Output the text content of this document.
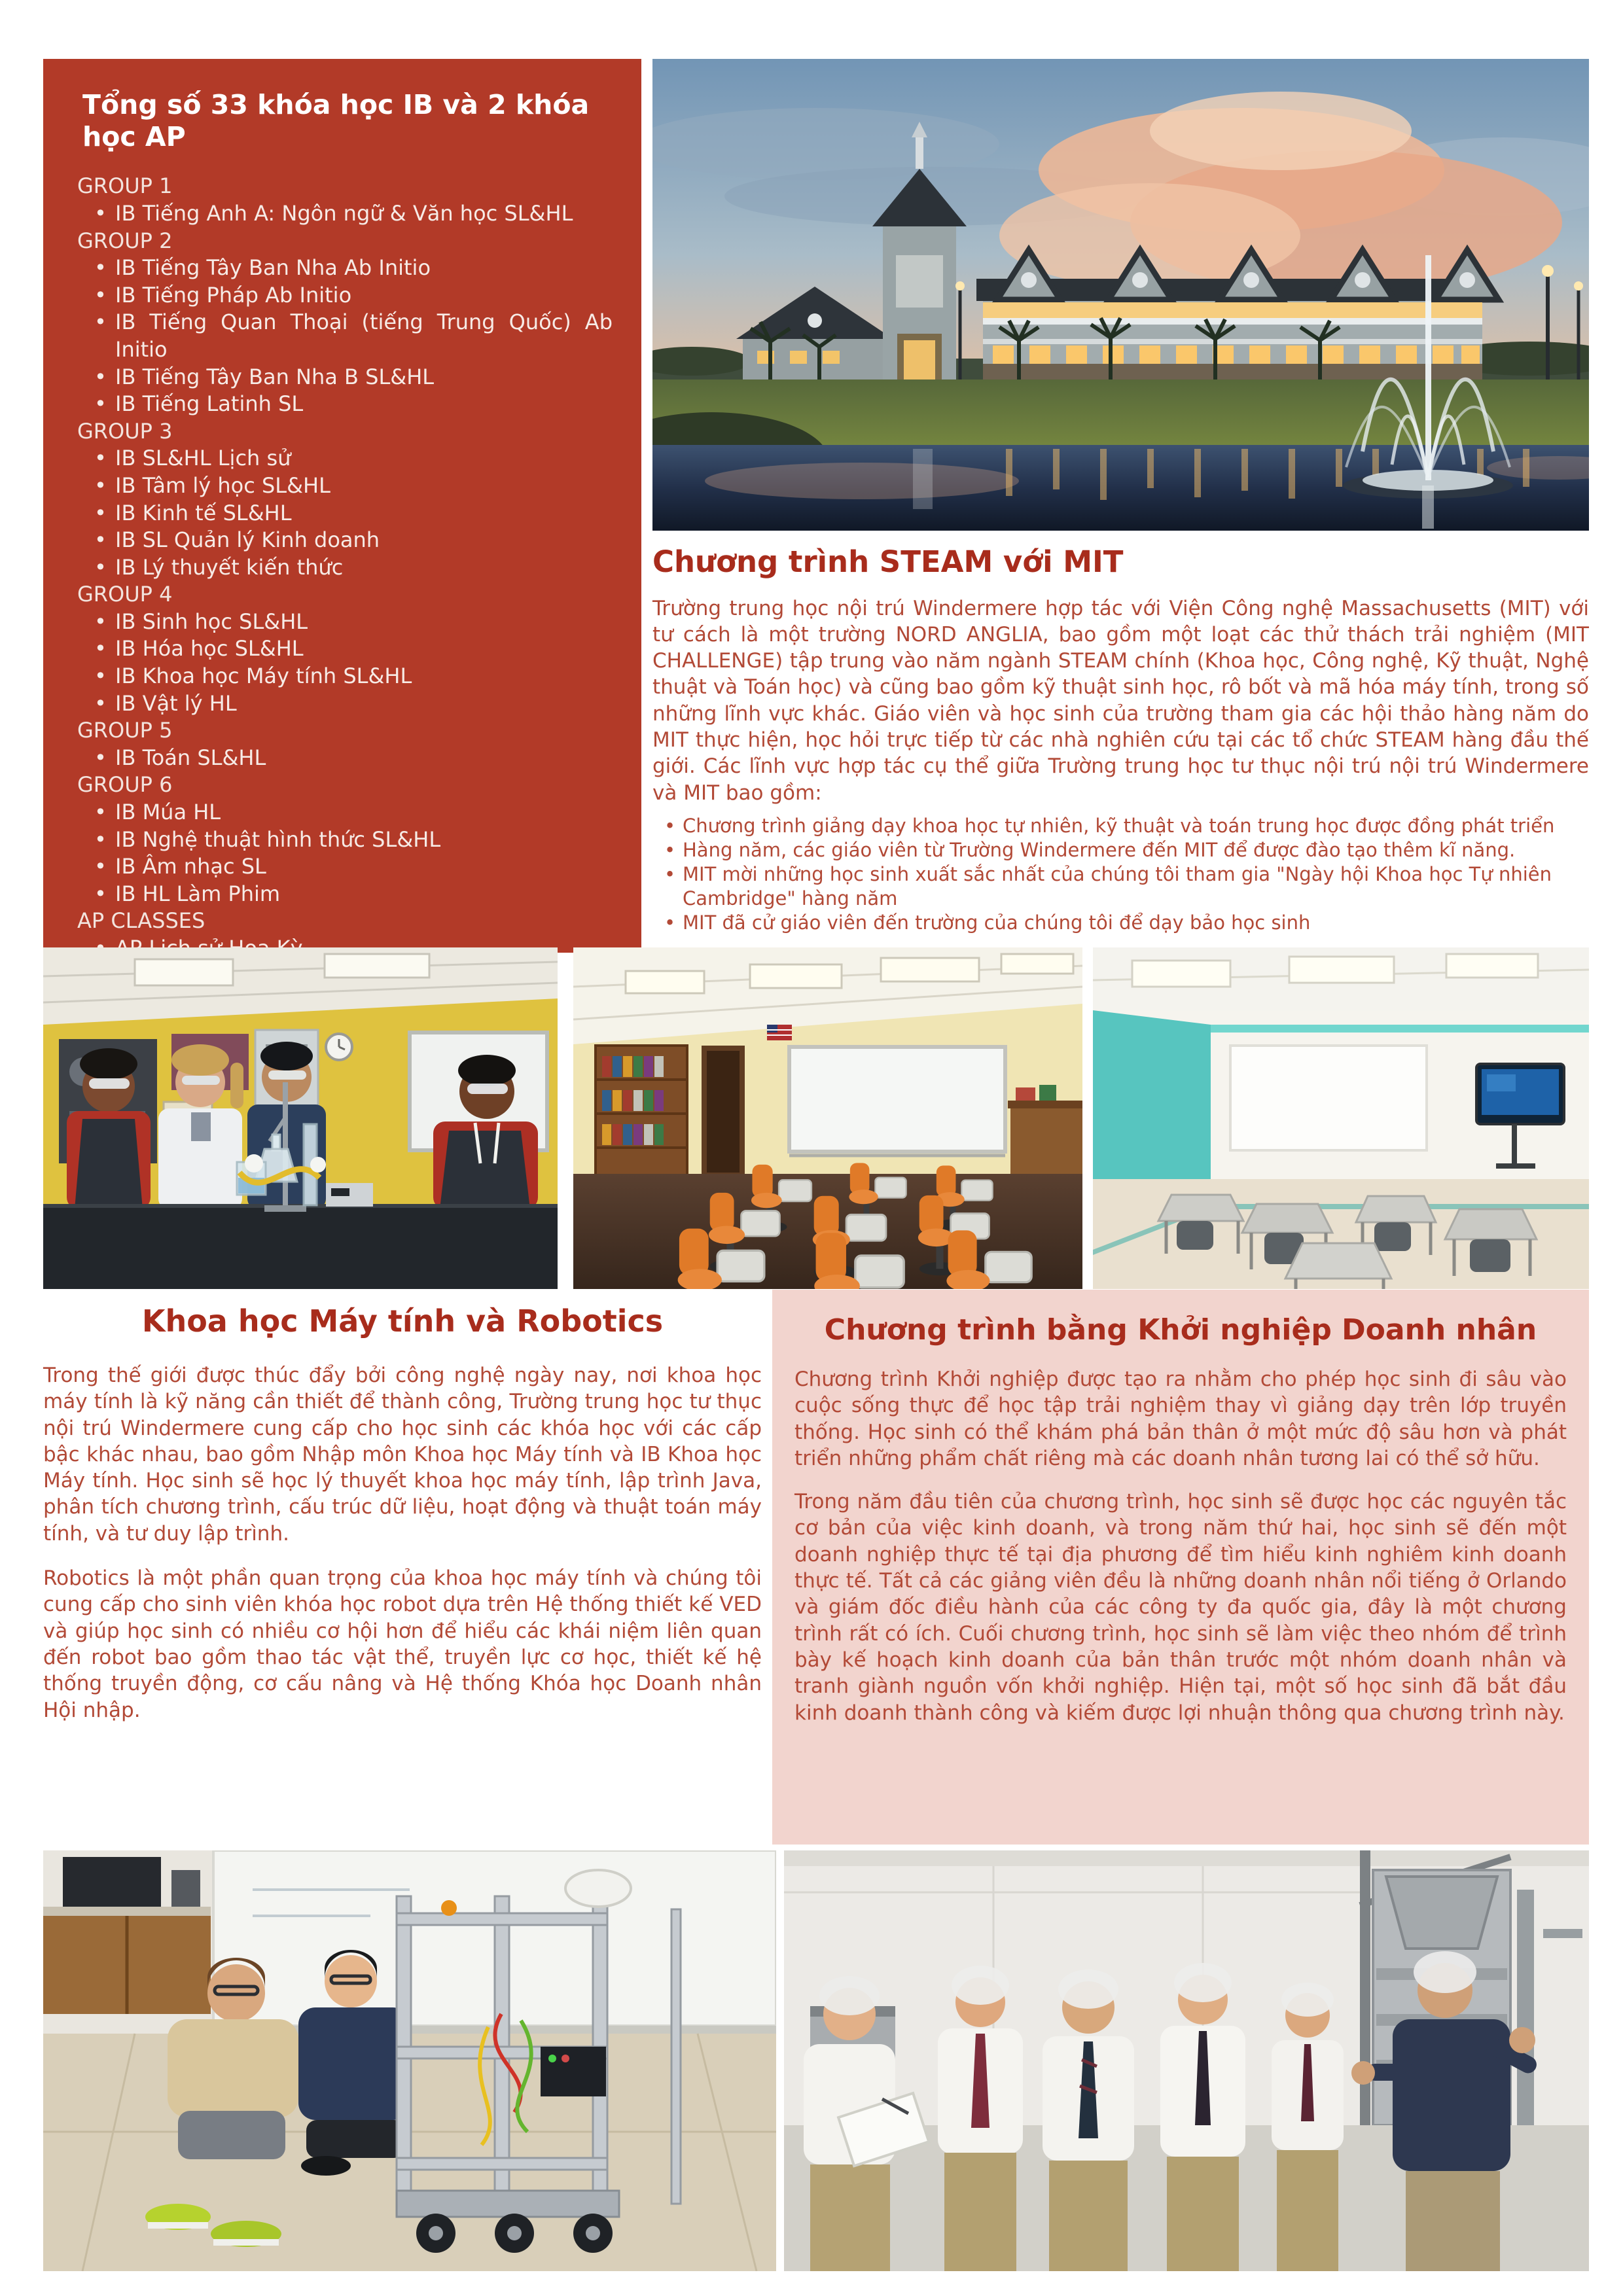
Tổng số 33 khóa học IB và 2 khóa học AP
GROUP 1
• IB Tiếng Anh A: Ngôn ngữ & Văn học SL&HL
GROUP 2
• IB Tiếng Tây Ban Nha Ab Initio
• IB Tiếng Pháp Ab Initio
• IB Tiếng Quan Thoại (tiếng Trung Quốc) Ab Initio
• IB Tiếng Tây Ban Nha B SL&HL
• IB Tiếng Latinh SL
GROUP 3
• IB SL&HL Lịch sử
• IB Tâm lý học SL&HL
• IB Kinh tế SL&HL
• IB SL Quản lý Kinh doanh
• IB Lý thuyết kiến thức
GROUP 4
• IB Sinh học SL&HL
• IB Hóa học SL&HL
• IB Khoa học Máy tính SL&HL
• IB Vật lý HL
GROUP 5
• IB Toán SL&HL
GROUP 6
• IB Múa HL
• IB Nghệ thuật hình thức SL&HL
• IB Âm nhạc SL
• IB HL Làm Phim
AP CLASSES
•
•
Chương trình STEAM với MIT

Trường trung học nội trú Windermere hợp tác với Viện Công nghệ Massachusetts (MIT) với tư cách là một trường NORD ANGLIA, bao gồm một loạt các thử thách trải nghiệm (MIT CHALLENGE) tập trung vào năm ngành STEAM chính (Khoa học, Công nghệ, Kỹ thuật, Nghệ thuật và Toán học) và cũng bao gồm kỹ thuật sinh học, rô bốt và mã hóa máy tính, trong số những lĩnh vực khác. Giáo viên và học sinh của trường tham gia các hội thảo hàng năm do MIT thực hiện, học hỏi trực tiếp từ các nhà nghiên cứu tại các tổ chức STEAM hàng đầu thế giới. Các lĩnh vực hợp tác cụ thể giữa Trường trung học tư thục nội trú nội trú Windermere và MIT bao gồm:

• Chương trình giảng dạy khoa học tự nhiên, kỹ thuật và toán trung học được đồng phát triển
• Hàng năm, các giáo viên từ Trường Windermere đến MIT để được đào tạo thêm kĩ năng.
• MIT mời những học sinh xuất sắc nhất của chúng tôi tham gia "Ngày hội Khoa học Tự nhiên Cambridge" hàng năm
• MIT đã cử giáo viên đến trường của chúng tôi để dạy bảo học sinh
Khoa học Máy tính và Robotics

Trong thế giới được thúc đẩy bởi công nghệ ngày nay, nơi khoa học máy tính là kỹ năng cần thiết để thành công, Trường trung học tư thục nội trú Windermere cung cấp cho học sinh các khóa học với các cấp bậc khác nhau, bao gồm Nhập môn Khoa học Máy tính và IB Khoa học Máy tính. Học sinh sẽ học lý thuyết khoa học máy tính, lập trình Java, phân tích chương trình, cấu trúc dữ liệu, hoạt động và thuật toán máy tính, và tư duy lập trình.

Robotics là một phần quan trọng của khoa học máy tính và chúng tôi cung cấp cho sinh viên khóa học robot dựa trên Hệ thống thiết kế VED và giúp học sinh có nhiều cơ hội hơn để hiểu các khái niệm liên quan đến robot bao gồm thao tác vật thể, truyền lực cơ học, thiết kế hệ thống truyền động, cơ cấu nâng và Hệ thống Khóa học Doanh nhân Hội nhập.

Chương trình bằng Khởi nghiệp Doanh nhân

Chương trình Khởi nghiệp được tạo ra nhằm cho phép học sinh đi sâu vào cuộc sống thực để học tập trải nghiệm thay vì giảng dạy trên lớp truyền thống. Học sinh có thể khám phá bản thân ở một mức độ sâu hơn và phát triển những phẩm chất riêng mà các doanh nhân tương lai có thể sở hữu.

Trong năm đầu tiên của chương trình, học sinh sẽ được học các nguyên tắc cơ bản của việc kinh doanh, và trong năm thứ hai, học sinh sẽ đến một doanh nghiệp thực tế tại địa phương để tìm hiểu kinh nghiêm kinh doanh thực tế. Tất cả các giảng viên đều là những doanh nhân nổi tiếng ở Orlando và giám đốc điều hành của các công ty đa quốc gia, đây là một chương trình rất có ích. Cuối chương trình, học sinh sẽ làm việc theo nhóm để trình bày kế hoạch kinh doanh của bản thân trước một nhóm doanh nhân và tranh giành nguồn vốn khởi nghiệp. Hiện tại, một số học sinh đã bắt đầu kinh doanh thành công và kiếm được lợi nhuận thông qua chương trình này.
